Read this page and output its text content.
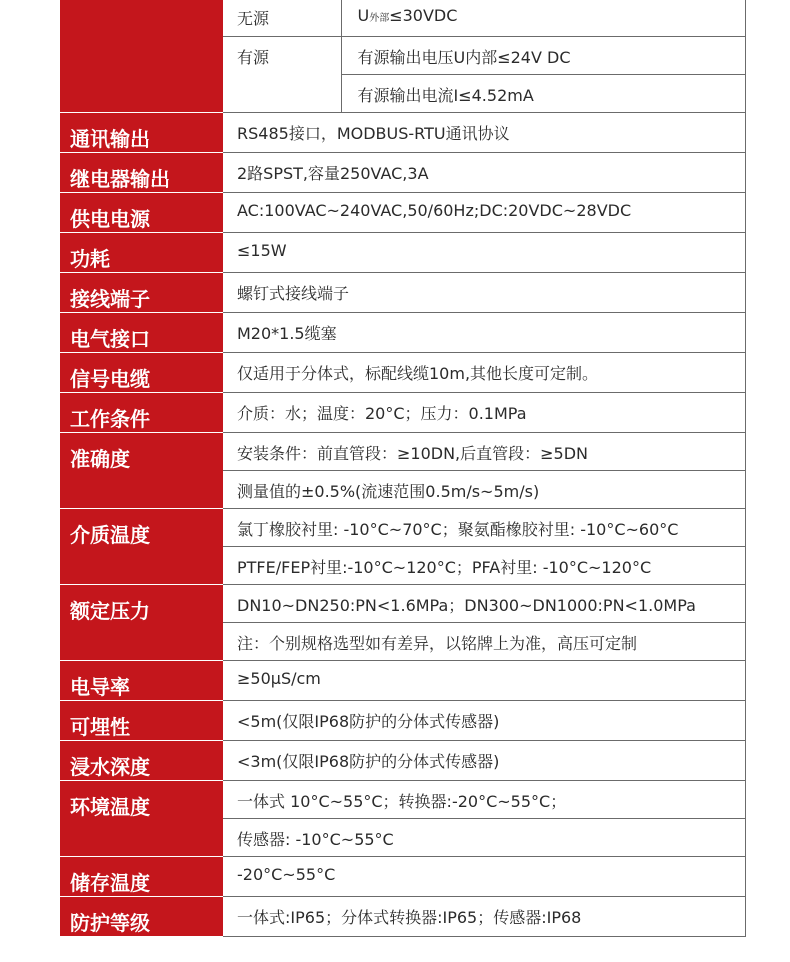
	无源	U外部≤30VDC
	有源	有源输出电压U内部≤24V DC
		有源输出电流I≤4.52mA
通讯输出	RS485接口，MODBUS-RTU通讯协议	
继电器输出	2路SPST,容量250VAC,3A	
供电电源	AC:100VAC~240VAC,50/60Hz;DC:20VDC~28VDC	
功耗	≤15W	
接线端子	螺钉式接线端子	
电气接口	M20*1.5缆塞	
信号电缆	仅适用于分体式，标配线缆10m,其他长度可定制。	
工作条件	介质：水；温度：20°C；压力：0.1MPa	
准确度	安装条件：前直管段：≥10DN,后直管段：≥5DN	
	测量值的±0.5%(流速范围0.5m/s~5m/s)	
介质温度	氯丁橡胶衬里: -10°C~70°C；聚氨酯橡胶衬里: -10°C~60°C	
	PTFE/FEP衬里:-10°C~120°C；PFA衬里: -10°C~120°C	
额定压力	DN10~DN250:PN<1.6MPa；DN300~DN1000:PN<1.0MPa	
	注：个别规格选型如有差异，以铭牌上为准，高压可定制	
电导率	≥50μS/cm	
可埋性	<5m(仅限IP68防护的分体式传感器)	
浸水深度	<3m(仅限IP68防护的分体式传感器)	
环境温度	一体式 10°C~55°C；转换器:-20°C~55°C；	
	传感器: -10°C~55°C	
储存温度	-20°C~55°C	
防护等级	一体式:IP65；分体式转换器:IP65；传感器:IP68	
